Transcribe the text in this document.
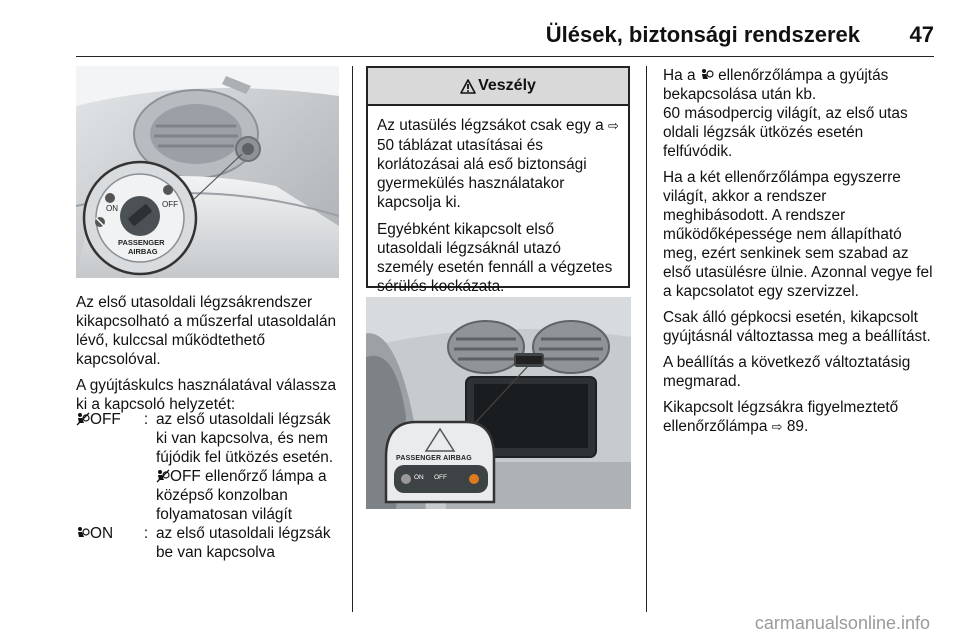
Ülések, biztonsági rendszerek	47
ON	OFF
PASSENGER
AIRBAG

Az első utasoldali légzsákrendszer kikapcsolható a műszerfal utasoldalán lévő, kulccsal működtethető kapcsolóval.

A gyújtáskulcs használatával válassza ki a kapcsoló helyzetét:

OFF	: az első utasoldali légzsák ki van kapcsolva, és nem fújódik fel ütközés esetén.
OFF ellenőrző lámpa a középső konzolban folyamatosan világít
ON	: az első utasoldali légzsák be van kapcsolva
Veszély

Az utasülés légzsákot csak egy a ⇨ 50 táblázat utasításai és korlátozásai alá eső biztonsági gyermekülés használatakor kapcsolja ki.

Egyébként kikapcsolt első utasoldali légzsáknál utazó személy esetén fennáll a végzetes sérülés kockázata.

PASSENGER AIRBAG
ON OFF

Ha a  ellenőrzőlámpa a gyújtás bekapcsolása után kb.

60 másodpercig világít, az első utas oldali légzsák ütközés esetén felfúvódik.

Ha a két ellenőrzőlámpa egyszerre világít, akkor a rendszer meghibásodott. A rendszer működőképessége nem állapítható meg, ezért senkinek sem szabad az első utasülésre ülnie. Azonnal vegye fel a kapcsolatot egy szervizzel.

Csak álló gépkocsi esetén, kikapcsolt gyújtásnál változtassa meg a beállítást.

A beállítás a következő változtatásig megmarad.

Kikapcsolt légzsákra figyelmeztető ellenőrzőlámpa ⇨ 89.

carmanualsonline.info
